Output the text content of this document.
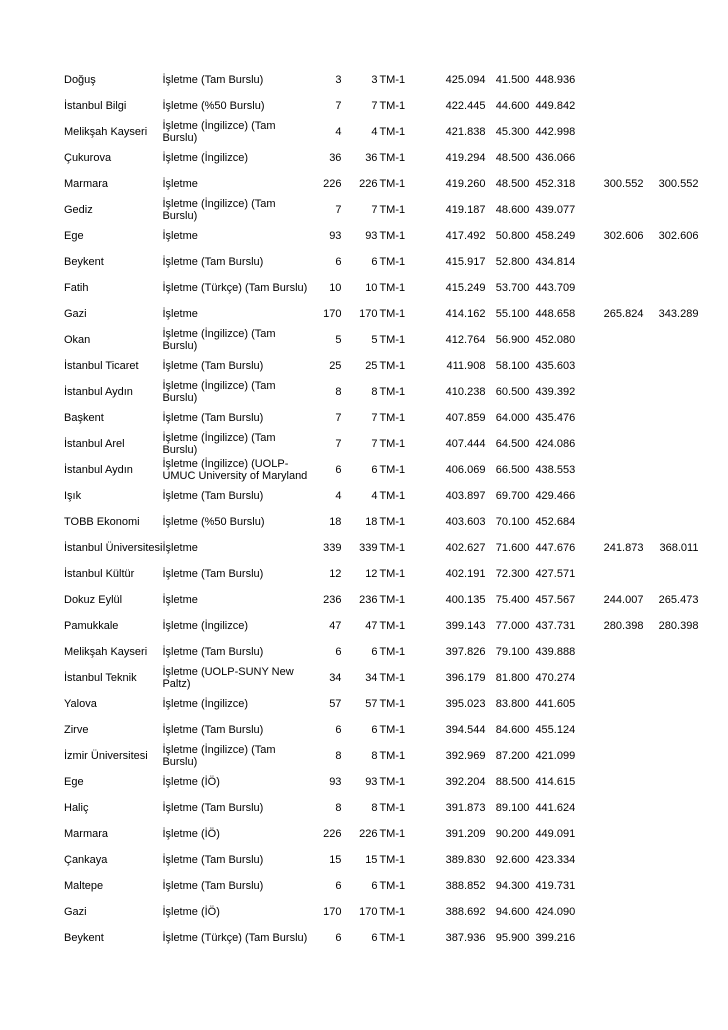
Doğuş	İşletme (Tam Burslu)	3	3	TM-1	425.094	41.500	448.936		
İstanbul Bilgi	İşletme (%50 Burslu)	7	7	TM-1	422.445	44.600	449.842		
Melikşah Kayseri	İşletme (İngilizce) (Tam Burslu)	4	4	TM-1	421.838	45.300	442.998		
Çukurova	İşletme (İngilizce)	36	36	TM-1	419.294	48.500	436.066		
Marmara	İşletme	226	226	TM-1	419.260	48.500	452.318	300.552	300.552
Gediz	İşletme (İngilizce) (Tam Burslu)	7	7	TM-1	419.187	48.600	439.077		
Ege	İşletme	93	93	TM-1	417.492	50.800	458.249	302.606	302.606
Beykent	İşletme (Tam Burslu)	6	6	TM-1	415.917	52.800	434.814		
Fatih	İşletme (Türkçe) (Tam Burslu)	10	10	TM-1	415.249	53.700	443.709		
Gazi	İşletme	170	170	TM-1	414.162	55.100	448.658	265.824	343.289
Okan	İşletme (İngilizce) (Tam Burslu)	5	5	TM-1	412.764	56.900	452.080		
İstanbul Ticaret	İşletme (Tam Burslu)	25	25	TM-1	411.908	58.100	435.603		
İstanbul Aydın	İşletme (İngilizce) (Tam Burslu)	8	8	TM-1	410.238	60.500	439.392		
Başkent	İşletme (Tam Burslu)	7	7	TM-1	407.859	64.000	435.476		
İstanbul Arel	İşletme (İngilizce) (Tam Burslu)	7	7	TM-1	407.444	64.500	424.086		
İstanbul Aydın	İşletme (İngilizce) (UOLP-UMUC University of Maryland	6	6	TM-1	406.069	66.500	438.553		
Işık	İşletme (Tam Burslu)	4	4	TM-1	403.897	69.700	429.466		
TOBB Ekonomi	İşletme (%50 Burslu)	18	18	TM-1	403.603	70.100	452.684		
İstanbul Üniversitesi	İşletme	339	339	TM-1	402.627	71.600	447.676	241.873	368.011
İstanbul Kültür	İşletme (Tam Burslu)	12	12	TM-1	402.191	72.300	427.571		
Dokuz Eylül	İşletme	236	236	TM-1	400.135	75.400	457.567	244.007	265.473
Pamukkale	İşletme (İngilizce)	47	47	TM-1	399.143	77.000	437.731	280.398	280.398
Melikşah Kayseri	İşletme (Tam Burslu)	6	6	TM-1	397.826	79.100	439.888		
İstanbul Teknik	İşletme (UOLP-SUNY New Paltz)	34	34	TM-1	396.179	81.800	470.274		
Yalova	İşletme (İngilizce)	57	57	TM-1	395.023	83.800	441.605		
Zirve	İşletme (Tam Burslu)	6	6	TM-1	394.544	84.600	455.124		
İzmir Üniversitesi	İşletme (İngilizce) (Tam Burslu)	8	8	TM-1	392.969	87.200	421.099		
Ege	İşletme (İÖ)	93	93	TM-1	392.204	88.500	414.615		
Haliç	İşletme (Tam Burslu)	8	8	TM-1	391.873	89.100	441.624		
Marmara	İşletme (İÖ)	226	226	TM-1	391.209	90.200	449.091		
Çankaya	İşletme (Tam Burslu)	15	15	TM-1	389.830	92.600	423.334		
Maltepe	İşletme (Tam Burslu)	6	6	TM-1	388.852	94.300	419.731		
Gazi	İşletme (İÖ)	170	170	TM-1	388.692	94.600	424.090		
Beykent	İşletme (Türkçe) (Tam Burslu)	6	6	TM-1	387.936	95.900	399.216		
